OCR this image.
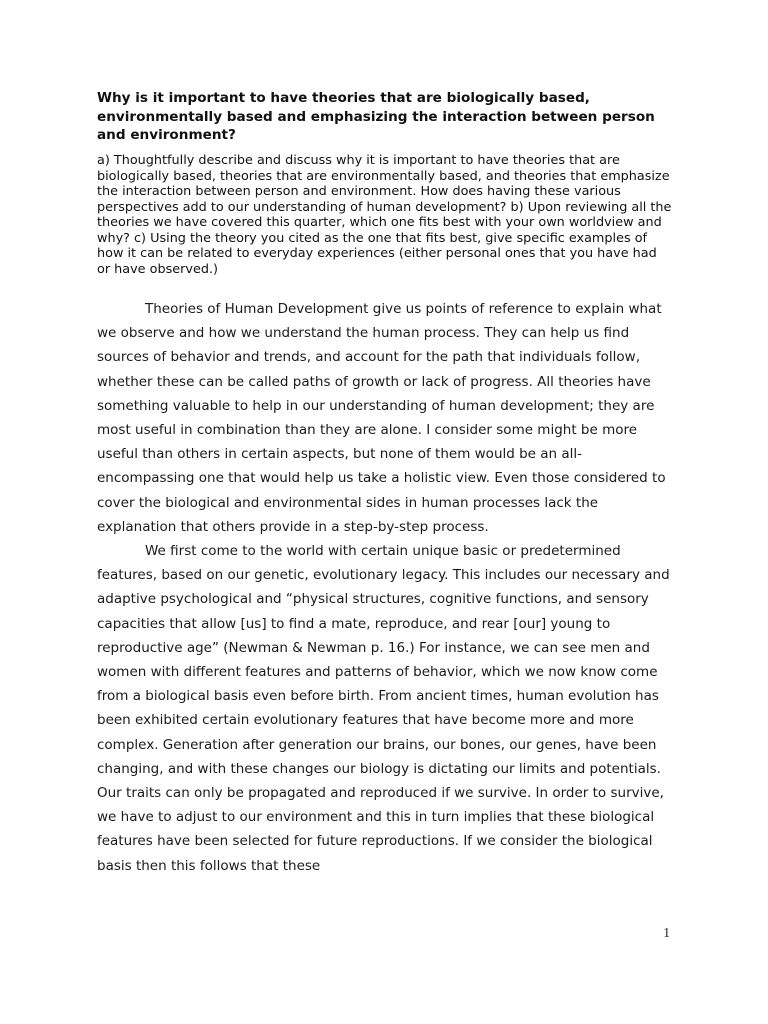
Why is it important to have theories that are biologically based, environmentally based and emphasizing the interaction between person and environment?

a) Thoughtfully describe and discuss why it is important to have theories that are biologically based, theories that are environmentally based, and theories that emphasize the interaction between person and environment. How does having these various perspectives add to our understanding of human development? b) Upon reviewing all the theories we have covered this quarter, which one fits best with your own worldview and why? c) Using the theory you cited as the one that fits best, give specific examples of how it can be related to everyday experiences (either personal ones that you have had or have observed.)

Theories of Human Development give us points of reference to explain what we observe and how we understand the human process. They can help us find sources of behavior and trends, and account for the path that individuals follow, whether these can be called paths of growth or lack of progress. All theories have something valuable to help in our understanding of human development; they are most useful in combination than they are alone. I consider some might be more useful than others in certain aspects, but none of them would be an all-encompassing one that would help us take a holistic view. Even those considered to cover the biological and environmental sides in human processes lack the explanation that others provide in a step-by-step process.

We first come to the world with certain unique basic or predetermined features, based on our genetic, evolutionary legacy. This includes our necessary and adaptive psychological and “physical structures, cognitive functions, and sensory capacities that allow [us] to find a mate, reproduce, and rear [our] young to reproductive age” (Newman & Newman p. 16.) For instance, we can see men and women with different features and patterns of behavior, which we now know come from a biological basis even before birth. From ancient times, human evolution has been exhibited certain evolutionary features that have become more and more complex. Generation after generation our brains, our bones, our genes, have been changing, and with these changes our biology is dictating our limits and potentials. Our traits can only be propagated and reproduced if we survive. In order to survive, we have to adjust to our environment and this in turn implies that these biological features have been selected for future reproductions. If we consider the biological basis then this follows that these

1
